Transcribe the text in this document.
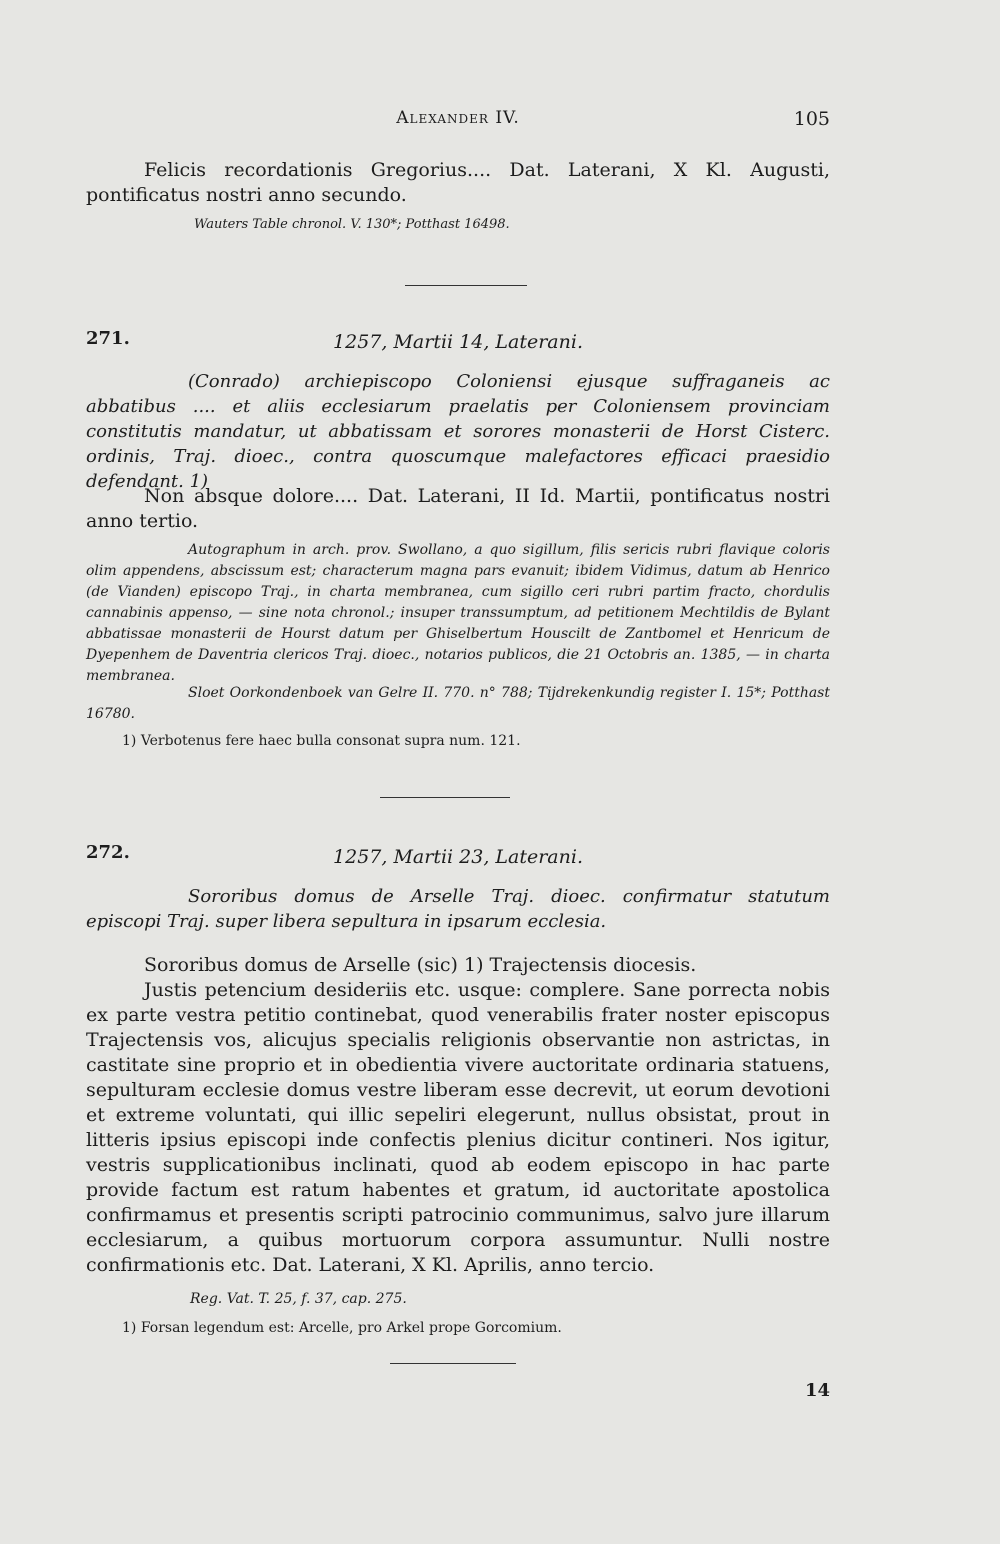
Alexander IV.	105

Felicis recordationis Gregorius.... Dat. Laterani, X Kl. Augusti, pontificatus nostri anno secundo.

Wauters Table chronol. V. 130*; Potthast 16498.

271.	1257, Martii 14, Laterani.

(Conrado) archiepiscopo Coloniensi ejusque suffraganeis ac abbatibus .... et aliis ecclesiarum praelatis per Coloniensem provinciam constitutis mandatur, ut abbatissam et sorores monasterii de Horst Cisterc. ordinis, Traj. dioec., contra quoscumque malefactores efficaci praesidio defendant. 1)

Non absque dolore.... Dat. Laterani, II Id. Martii, pontificatus nostri anno tertio.

Autographum in arch. prov. Swollano, a quo sigillum, filis sericis rubri flavique coloris olim appendens, abscissum est; characterum magna pars evanuit; ibidem Vidimus, datum ab Henrico (de Vianden) episcopo Traj., in charta membranea, cum sigillo ceri rubri partim fracto, chordulis cannabinis appenso, — sine nota chronol.; insuper transsumptum, ad petitionem Mechtildis de Bylant abbatissae monasterii de Hourst datum per Ghiselbertum Houscilt de Zantbomel et Henricum de Dyepenhem de Daventria clericos Traj. dioec., notarios publicos, die 21 Octobris an. 1385, — in charta membranea.

Sloet Oorkondenboek van Gelre II. 770. n° 788; Tijdrekenkundig register I. 15*; Potthast 16780.

1) Verbotenus fere haec bulla consonat supra num. 121.

272.	1257, Martii 23, Laterani.

Sororibus domus de Arselle Traj. dioec. confirmatur statutum episcopi Traj. super libera sepultura in ipsarum ecclesia.

Sororibus domus de Arselle (sic) 1) Trajectensis diocesis.

Justis petencium desideriis etc. usque: complere. Sane porrecta nobis ex parte vestra petitio continebat, quod venerabilis frater noster episcopus Trajectensis vos, alicujus specialis religionis observantie non astrictas, in castitate sine proprio et in obedientia vivere auctoritate ordinaria statuens, sepulturam ecclesie domus vestre liberam esse decrevit, ut eorum devotioni et extreme voluntati, qui illic sepeliri elegerunt, nullus obsistat, prout in litteris ipsius episcopi inde confectis plenius dicitur contineri. Nos igitur, vestris supplicationibus inclinati, quod ab eodem episcopo in hac parte provide factum est ratum habentes et gratum, id auctoritate apostolica confirmamus et presentis scripti patrocinio communimus, salvo jure illarum ecclesiarum, a quibus mortuorum corpora assumuntur. Nulli nostre confirmationis etc. Dat. Laterani, X Kl. Aprilis, anno tercio.

Reg. Vat. T. 25, f. 37, cap. 275.

1) Forsan legendum est: Arcelle, pro Arkel prope Gorcomium.

14
